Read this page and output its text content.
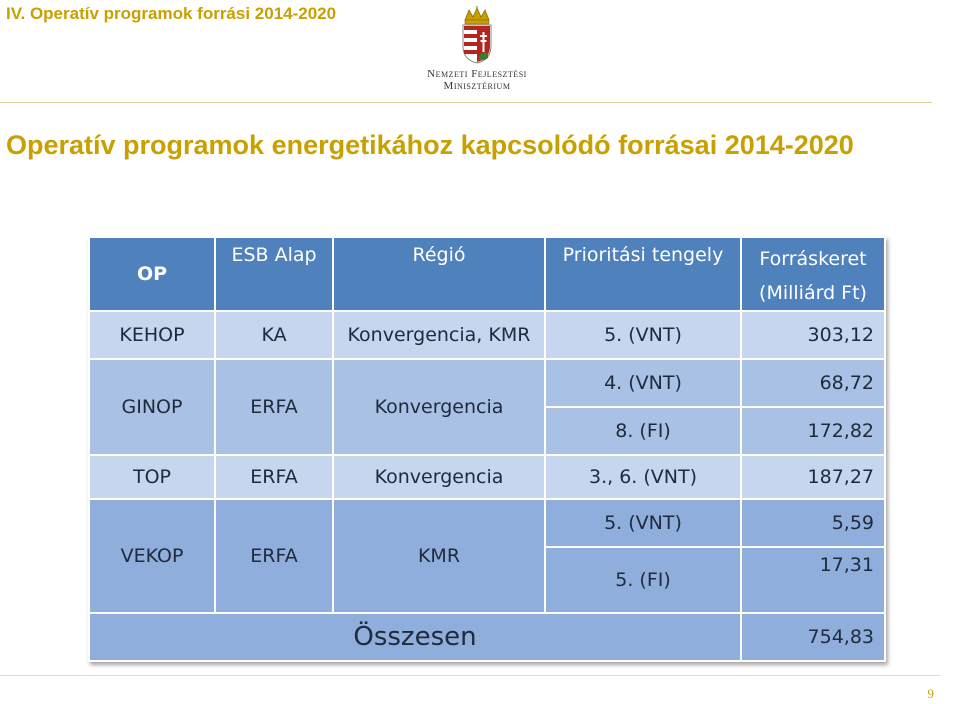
IV. Operatív programok forrási 2014-2020
Nemzeti Fejlesztési
Minisztérium
Operatív programok energetikához kapcsolódó forrásai 2014-2020
OP	ESB Alap	Régió	Prioritási tengely	Forráskeret
(Milliárd Ft)

KEHOP	KA	Konvergencia, KMR	5. (VNT)	303,12
GINOP	ERFA	Konvergencia	4. (VNT)	68,72
			8. (FI)	172,82
TOP	ERFA	Konvergencia	3., 6. (VNT)	187,27
VEKOP	ERFA	KMR	5. (VNT)	5,59
			5. (FI)	17,31
Összesen				754,83
9
